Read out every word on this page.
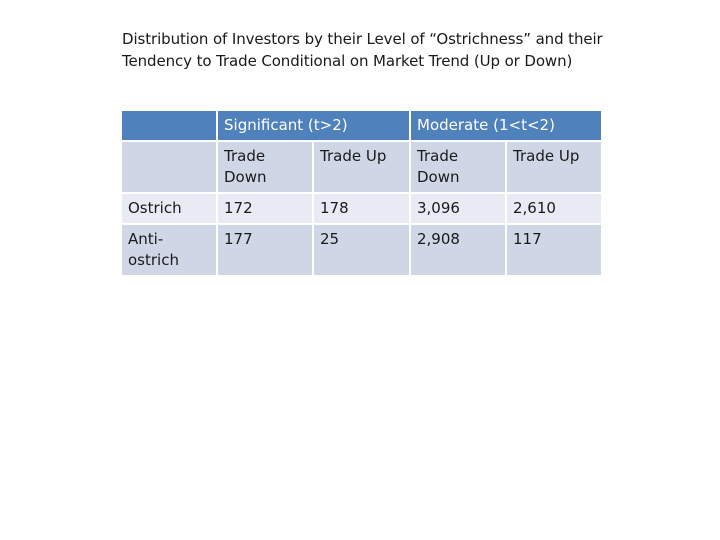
Distribution of Investors by their Level of “Ostrichness” and their
Tendency to Trade Conditional on Market Trend (Up or Down)
	Significant (t>2)		Moderate (1<t<2)	
	Trade Down	Trade Up	Trade Down	Trade Up
Ostrich	172	178	3,096	2,610
Anti-ostrich	177	25	2,908	117
